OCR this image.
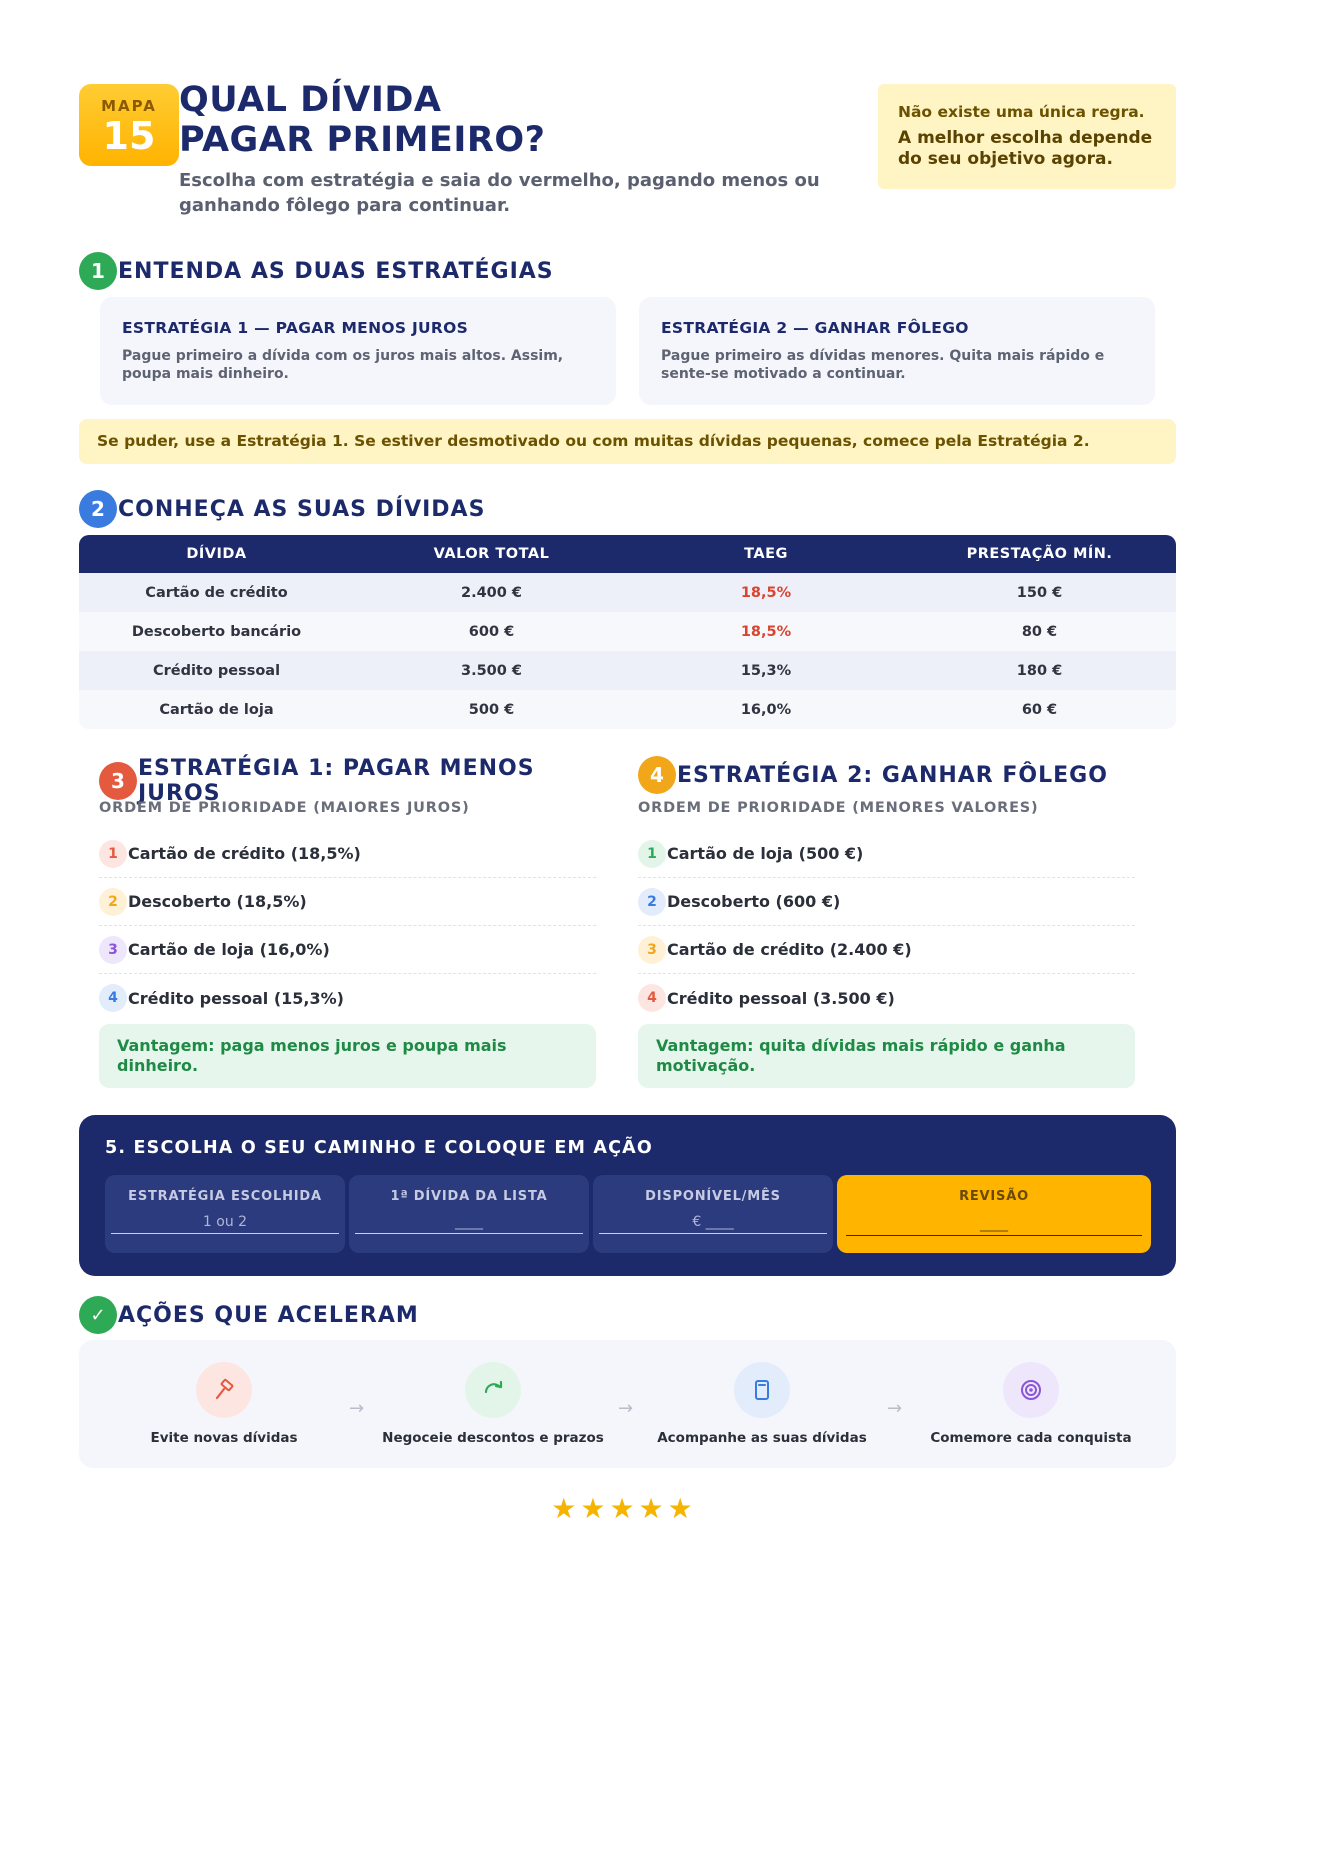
MAPA
15
QUAL DÍVIDA
PAGAR PRIMEIRO?
Escolha com estratégia e saia do vermelho, pagando menos ou ganhando fôlego para continuar.
Não existe uma única regra.
A melhor escolha depende do seu objetivo agora.
1 ENTENDA AS DUAS ESTRATÉGIAS
ESTRATÉGIA 1 — PAGAR MENOS JUROS
Pague primeiro a dívida com os juros mais altos. Assim, poupa mais dinheiro.
ESTRATÉGIA 2 — GANHAR FÔLEGO
Pague primeiro as dívidas menores. Quita mais rápido e sente-se motivado a continuar.
Se puder, use a Estratégia 1. Se estiver desmotivado ou com muitas dívidas pequenas, comece pela Estratégia 2.
2 CONHEÇA AS SUAS DÍVIDAS
DÍVIDA	VALOR TOTAL	TAEG	PRESTAÇÃO MÍN.
Cartão de crédito	2.400 €	18,5%	150 €
Descoberto bancário	600 €	18,5%	80 €
Crédito pessoal	3.500 €	15,3%	180 €
Cartão de loja	500 €	16,0%	60 €
3 ESTRATÉGIA 1: PAGAR MENOS JUROS
ORDEM DE PRIORIDADE (MAIORES JUROS)
1 Cartão de crédito (18,5%)
2 Descoberto (18,5%)
3 Cartão de loja (16,0%)
4 Crédito pessoal (15,3%)
Vantagem: paga menos juros e poupa mais dinheiro.
4 ESTRATÉGIA 2: GANHAR FÔLEGO
ORDEM DE PRIORIDADE (MENORES VALORES)
1 Cartão de loja (500 €)
2 Descoberto (600 €)
3 Cartão de crédito (2.400 €)
4 Crédito pessoal (3.500 €)
Vantagem: quita dívidas mais rápido e ganha motivação.
5. ESCOLHA O SEU CAMINHO E COLOQUE EM AÇÃO
ESTRATÉGIA ESCOLHIDA
1 ou 2
1ª DÍVIDA DA LISTA
____
DISPONÍVEL/MÊS
€ ____
REVISÃO
____
✓ AÇÕES QUE ACELERAM
Evite novas dívidas
→
Negoceie descontos e prazos
→
Acompanhe as suas dívidas
→
Comemore cada conquista
★★★★★
